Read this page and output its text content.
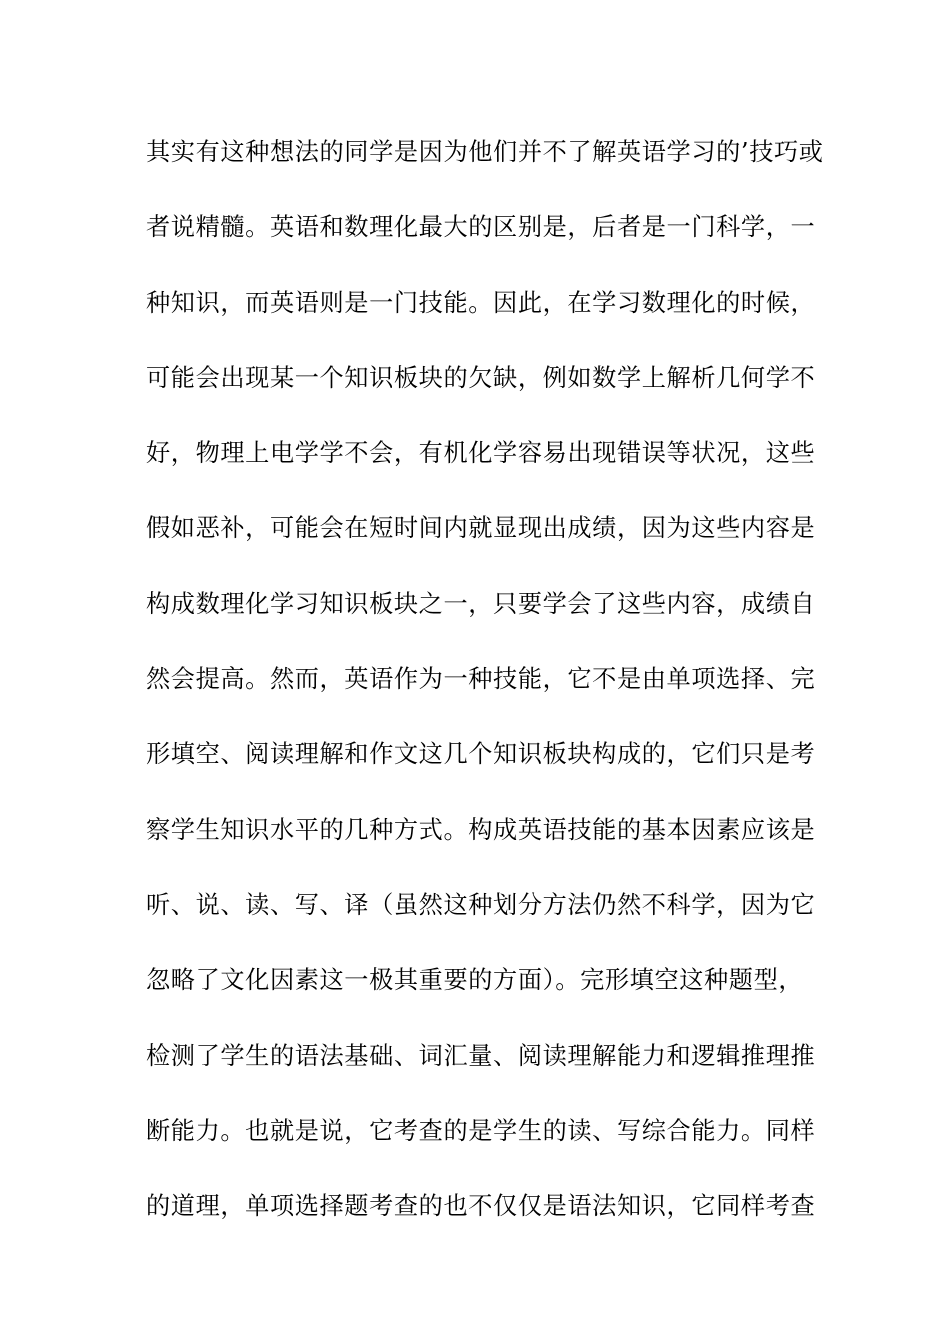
其实有这种想法的同学是因为他们并不了解英语学习的’技巧或
者说精髓。英语和数理化最大的区别是，后者是一门科学，一
种知识，而英语则是一门技能。因此，在学习数理化的时候，
可能会出现某一个知识板块的欠缺，例如数学上解析几何学不
好，物理上电学学不会，有机化学容易出现错误等状况，这些
假如恶补，可能会在短时间内就显现出成绩，因为这些内容是
构成数理化学习知识板块之一，只要学会了这些内容，成绩自
然会提高。然而，英语作为一种技能，它不是由单项选择、完
形填空、阅读理解和作文这几个知识板块构成的，它们只是考
察学生知识水平的几种方式。构成英语技能的基本因素应该是
听、说、读、写、译（虽然这种划分方法仍然不科学，因为它
忽略了文化因素这一极其重要的方面）。完形填空这种题型，
检测了学生的语法基础、词汇量、阅读理解能力和逻辑推理推
断能力。也就是说，它考查的是学生的读、写综合能力。同样
的道理，单项选择题考查的也不仅仅是语法知识，它同样考查
